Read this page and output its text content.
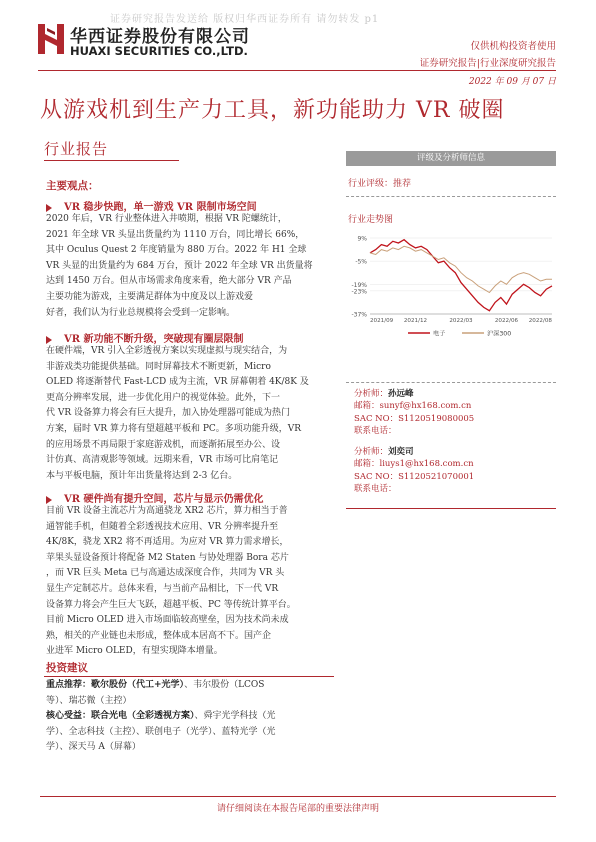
证券研究报告发送给 版权归华西证券所有 请勿转发 p1
华西证券股份有限公司
HUAXI SECURITIES CO.,LTD.	仅供机构投资者使用
证券研究报告|行业深度研究报告
2022 年 09 月 07 日
从游戏机到生产力工具，新功能助力 VR 破圈
行业报告
主要观点：
VR 稳步快跑，单一游戏 VR 限制市场空间
2020 年后，VR 行业整体进入井喷期，根据 VR 陀螺统计，
2021 年全球 VR 头显出货量约为 1110 万台，同比增长 66%，
其中 Oculus Quest 2 年度销量为 880 万台。2022 年 H1 全球
VR 头显的出货量约为 684 万台，预计 2022 年全球 VR 出货量将
达到 1450 万台。但从市场需求角度来看，绝大部分 VR 产品
主要功能为游戏，主要满足群体为中度及以上游戏爱
好者，我们认为行业总规模将会受到一定影响。
VR 新功能不断升级，突破现有圈层限制
在硬件端，VR 引入全彩透视方案以实现虚拟与现实结合，为
非游戏类功能提供基础。同时屏幕技术不断更新，Micro
OLED 将逐渐替代 Fast-LCD 成为主流，VR 屏幕朝着 4K/8K 及
更高分辨率发展，进一步优化用户的视觉体验。此外，下一
代 VR 设备算力将会有巨大提升，加入协处理器可能成为热门
方案，届时 VR 算力将有望超越平板和 PC。多项功能升级，VR
的应用场景不再局限于家庭游戏机，而逐渐拓展至办公、设
计仿真、高清观影等领域。远期来看，VR 市场可比肩笔记
本与平板电脑，预计年出货量将达到 2-3 亿台。
VR 硬件尚有提升空间，芯片与显示仍需优化
目前 VR 设备主流芯片为高通骁龙 XR2 芯片，算力相当于普
通智能手机，但随着全彩透视技术应用、VR 分辨率提升至
4K/8K，骁龙 XR2 将不再适用。为应对 VR 算力需求增长，
苹果头显设备预计将配备 M2 Staten 与协处理器 Bora 芯片
，而 VR 巨头 Meta 已与高通达成深度合作，共同为 VR 头
显生产定制芯片。总体来看，与当前产品相比，下一代 VR
设备算力将会产生巨大飞跃，超越平板、PC 等传统计算平台。
目前 Micro OLED 进入市场面临较高壁垒，因为技术尚未成
熟，相关的产业链也未形成，整体成本居高不下。国产企
业进军 Micro OLED，有望实现降本增量。
投资建议
重点推荐：歌尔股份（代工+光学）、韦尔股份（LCOS
等）、瑞芯微（主控）
核心受益：联合光电（全彩透视方案）、舜宇光学科技（光
学）、全志科技（主控）、联创电子（光学）、蓝特光学（光
学）、深天马 A（屏幕）
评级及分析师信息
行业评级：推荐
行业走势图
9%
-5%
-19%
-23%
-37%
2021/09 2021/12	2022/03	2022/06 2022/08
电子	沪深300
分析师：孙远峰
邮箱：sunyf@hx168.com.cn
SAC NO：S1120519080005
联系电话：
分析师：刘奕司
邮箱：liuys1@hx168.com.cn
SAC NO：S1120521070001
联系电话：
请仔细阅读在本报告尾部的重要法律声明
